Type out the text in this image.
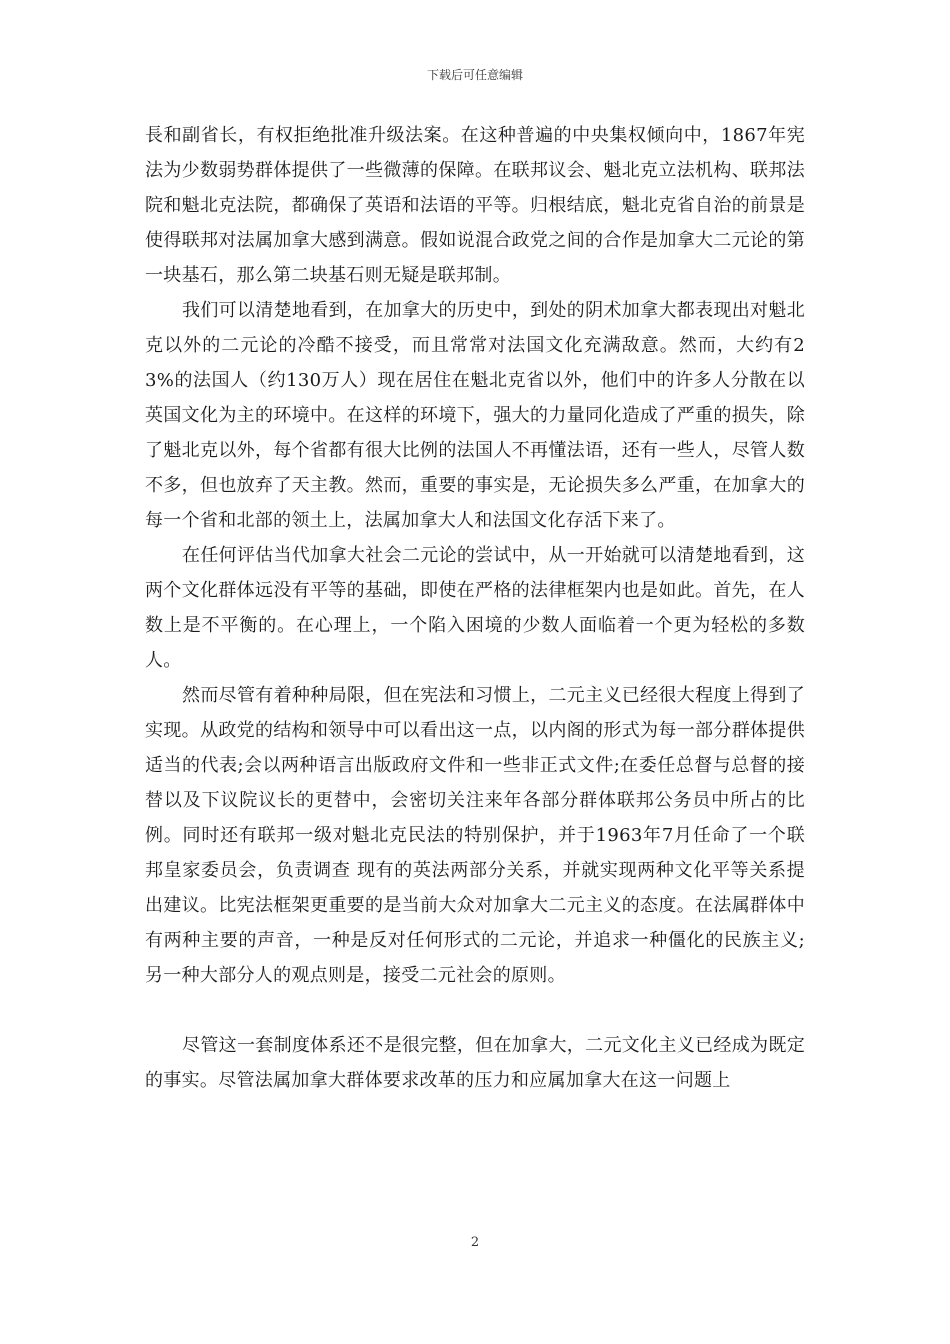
下载后可任意编辑

長和副省长，有权拒绝批准升级法案。在这种普遍的中央集权倾向中，1867年宪法为少数弱势群体提供了一些微薄的保障。在联邦议会、魁北克立法机构、联邦法院和魁北克法院，都确保了英语和法语的平等。归根结底，魁北克省自治的前景是使得联邦对法属加拿大感到满意。假如说混合政党之间的合作是加拿大二元论的第一块基石，那么第二块基石则无疑是联邦制。

我们可以清楚地看到，在加拿大的历史中，到处的阴术加拿大都表现出对魁北克以外的二元论的冷酷不接受，而且常常对法国文化充满敌意。然而，大约有23%的法国人（约130万人）现在居住在魁北克省以外，他们中的许多人分散在以英国文化为主的环境中。在这样的环境下，强大的力量同化造成了严重的损失，除了魁北克以外，每个省都有很大比例的法国人不再懂法语，还有一些人，尽管人数不多，但也放弃了天主教。然而，重要的事实是，无论损失多么严重，在加拿大的每一个省和北部的领土上，法属加拿大人和法国文化存活下来了。

在任何评估当代加拿大社会二元论的尝试中，从一开始就可以清楚地看到，这两个文化群体远没有平等的基础，即使在严格的法律框架内也是如此。首先，在人数上是不平衡的。在心理上，一个陷入困境的少数人面临着一个更为轻松的多数人。

然而尽管有着种种局限，但在宪法和习惯上，二元主义已经很大程度上得到了实现。从政党的结构和领导中可以看出这一点，以内阁的形式为每一部分群体提供适当的代表;会以两种语言出版政府文件和一些非正式文件;在委任总督与总督的接替以及下议院议长的更替中，会密切关注来年各部分群体联邦公务员中所占的比例。同时还有联邦一级对魁北克民法的特别保护，并于1963年7月任命了一个联邦皇家委员会，负责调查 现有的英法两部分关系，并就实现两种文化平等关系提出建议。比宪法框架更重要的是当前大众对加拿大二元主义的态度。在法属群体中有两种主要的声音，一种是反对任何形式的二元论，并追求一种僵化的民族主义;另一种大部分人的观点则是，接受二元社会的原则。

尽管这一套制度体系还不是很完整，但在加拿大，二元文化主义已经成为既定的事实。尽管法属加拿大群体要求改革的压力和应属加拿大在这一问题上

2
